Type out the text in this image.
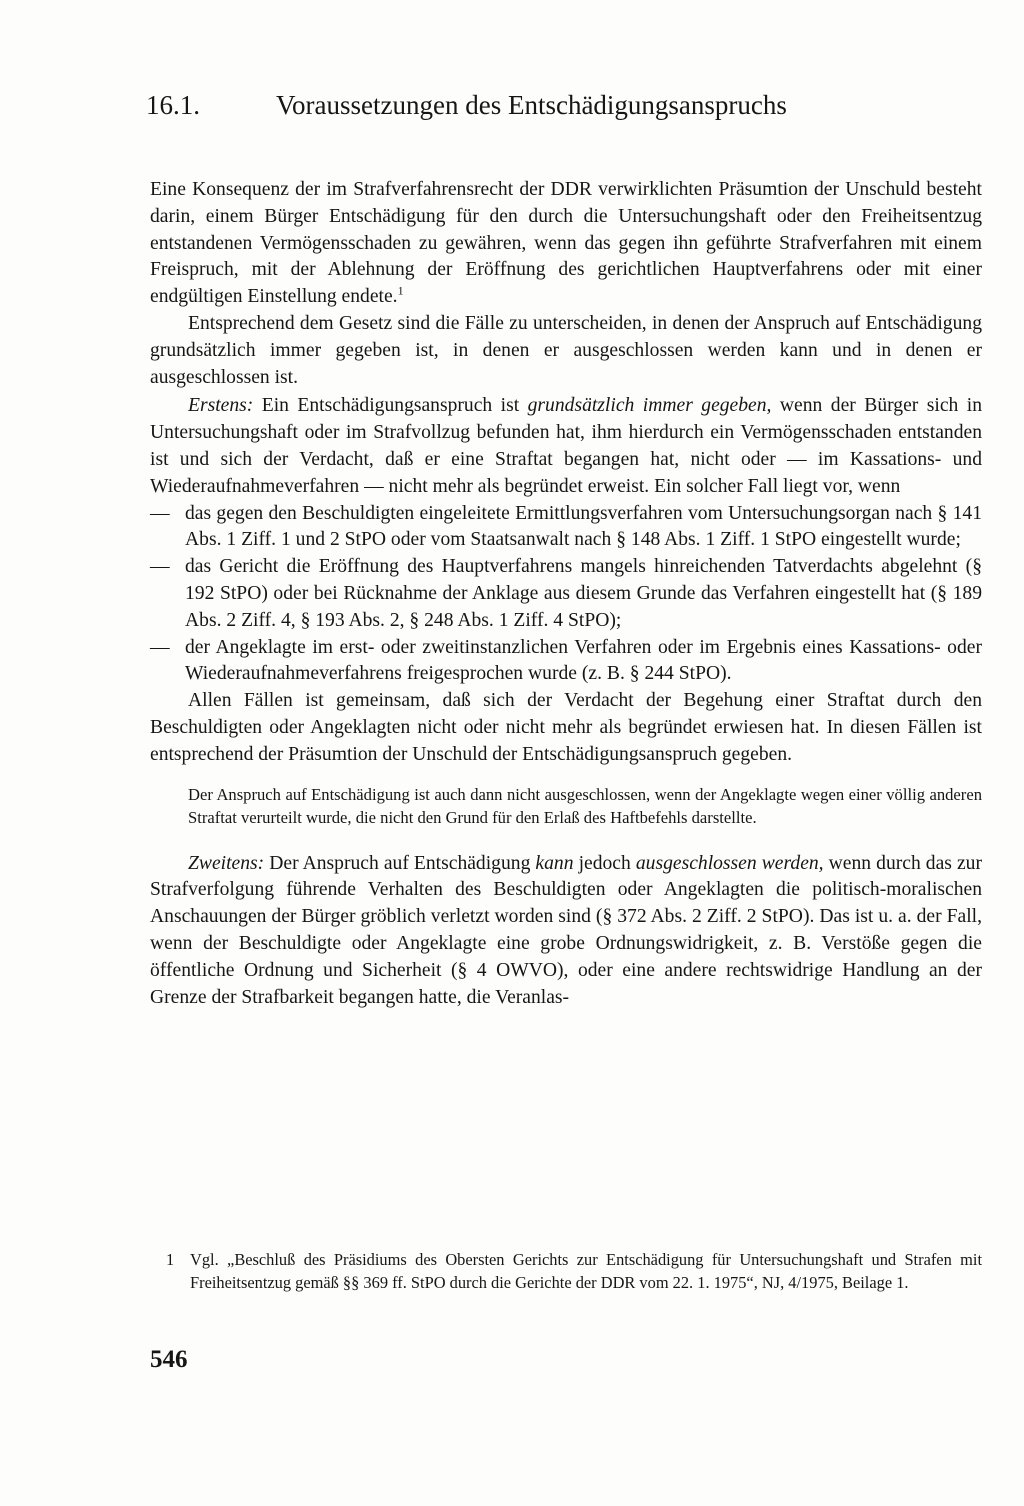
16.1.	Voraussetzungen des Entschädigungsanspruchs

Eine Konsequenz der im Strafverfahrensrecht der DDR verwirklichten Präsumtion der Unschuld besteht darin, einem Bürger Entschädigung für den durch die Untersuchungshaft oder den Freiheitsentzug entstandenen Vermögensschaden zu gewähren, wenn das gegen ihn geführte Strafverfahren mit einem Freispruch, mit der Ablehnung der Eröffnung des gerichtlichen Hauptverfahrens oder mit einer endgültigen Einstellung endete.$^1$

Entsprechend dem Gesetz sind die Fälle zu unterscheiden, in denen der Anspruch auf Entschädigung grundsätzlich immer gegeben ist, in denen er ausgeschlossen werden kann und in denen er ausgeschlossen ist.

Erstens: Ein Entschädigungsanspruch ist grundsätzlich immer gegeben, wenn der Bürger sich in Untersuchungshaft oder im Strafvollzug befunden hat, ihm hierdurch ein Vermögensschaden entstanden ist und sich der Verdacht, daß er eine Straftat begangen hat, nicht oder — im Kassations- und Wiederaufnahmeverfahren — nicht mehr als begründet erweist. Ein solcher Fall liegt vor, wenn

— das gegen den Beschuldigten eingeleitete Ermittlungsverfahren vom Untersuchungsorgan nach § 141 Abs. 1 Ziff. 1 und 2 StPO oder vom Staatsanwalt nach § 148 Abs. 1 Ziff. 1 StPO eingestellt wurde;
— das Gericht die Eröffnung des Hauptverfahrens mangels hinreichenden Tatverdachts abgelehnt (§ 192 StPO) oder bei Rücknahme der Anklage aus diesem Grunde das Verfahren eingestellt hat (§ 189 Abs. 2 Ziff. 4, § 193 Abs. 2, § 248 Abs. 1 Ziff. 4 StPO);
— der Angeklagte im erst- oder zweitinstanzlichen Verfahren oder im Ergebnis eines Kassations- oder Wiederaufnahmeverfahrens freigesprochen wurde (z. B. § 244 StPO).

Allen Fällen ist gemeinsam, daß sich der Verdacht der Begehung einer Straftat durch den Beschuldigten oder Angeklagten nicht oder nicht mehr als begründet erwiesen hat. In diesen Fällen ist entsprechend der Präsumtion der Unschuld der Entschädigungsanspruch gegeben.

Der Anspruch auf Entschädigung ist auch dann nicht ausgeschlossen, wenn der Angeklagte wegen einer völlig anderen Straftat verurteilt wurde, die nicht den Grund für den Erlaß des Haftbefehls darstellte.

Zweitens: Der Anspruch auf Entschädigung kann jedoch ausgeschlossen werden, wenn durch das zur Strafverfolgung führende Verhalten des Beschuldigten oder Angeklagten die politisch-moralischen Anschauungen der Bürger gröblich verletzt worden sind (§ 372 Abs. 2 Ziff. 2 StPO). Das ist u. a. der Fall, wenn der Beschuldigte oder Angeklagte eine grobe Ordnungswidrigkeit, z. B. Verstöße gegen die öffentliche Ordnung und Sicherheit (§ 4 OWVO), oder eine andere rechtswidrige Handlung an der Grenze der Strafbarkeit begangen hatte, die Veranlas-

1 Vgl. „Beschluß des Präsidiums des Obersten Gerichts zur Entschädigung für Untersuchungshaft und Strafen mit Freiheitsentzug gemäß §§ 369 ff. StPO durch die Gerichte der DDR vom 22. 1. 1975“, NJ, 4/1975, Beilage 1.
546
